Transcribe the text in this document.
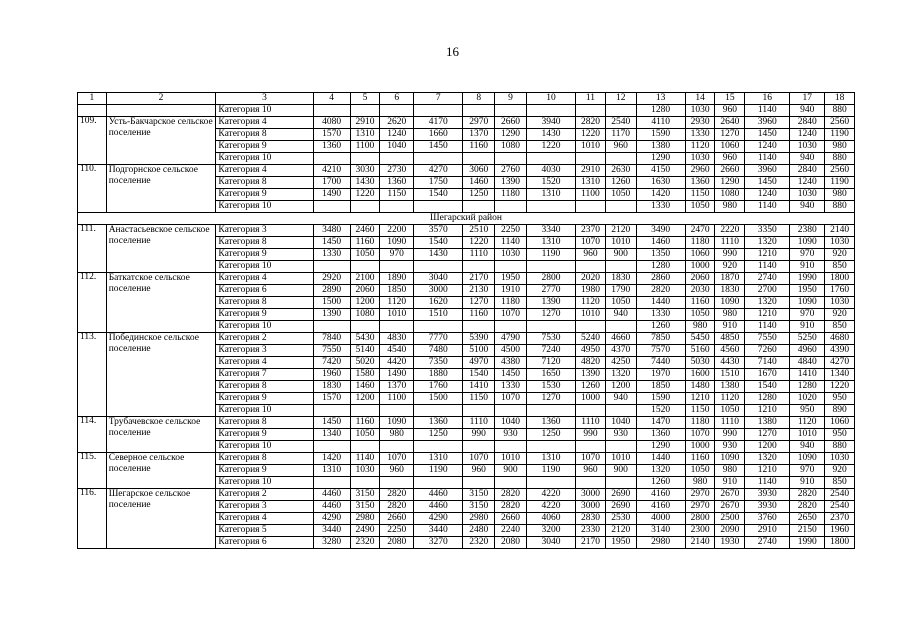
16
1	2	3	4	5	6	7	8	9	10	11	12	13	14	15	16	17	18
		Категория 10										1280	1030	960	1140	940	880
109.	Усть-Бакчарское сельское поселение	Категория 4	4080	2910	2620	4170	2970	2660	3940	2820	2540	4110	2930	2640	3960	2840	2560
		Категория 8	1570	1310	1240	1660	1370	1290	1430	1220	1170	1590	1330	1270	1450	1240	1190
		Категория 9	1360	1100	1040	1450	1160	1080	1220	1010	960	1380	1120	1060	1240	1030	980
		Категория 10										1290	1030	960	1140	940	880
110.	Подгорнское сельское поселение	Категория 4	4210	3030	2730	4270	3060	2760	4030	2910	2630	4150	2960	2660	3960	2840	2560
		Категория 8	1700	1430	1360	1750	1460	1390	1520	1310	1260	1630	1360	1290	1450	1240	1190
		Категория 9	1490	1220	1150	1540	1250	1180	1310	1100	1050	1420	1150	1080	1240	1030	980
		Категория 10										1330	1050	980	1140	940	880
Шегарский район																	
111.	Анастасьевское сельское поселение	Категория 3	3480	2460	2200	3570	2510	2250	3340	2370	2120	3490	2470	2220	3350	2380	2140
		Категория 8	1450	1160	1090	1540	1220	1140	1310	1070	1010	1460	1180	1110	1320	1090	1030
		Категория 9	1330	1050	970	1430	1110	1030	1190	960	900	1350	1060	990	1210	970	920
		Категория 10										1280	1000	920	1140	910	850
112.	Баткатское сельское поселение	Категория 4	2920	2100	1890	3040	2170	1950	2800	2020	1830	2860	2060	1870	2740	1990	1800
		Категория 6	2890	2060	1850	3000	2130	1910	2770	1980	1790	2820	2030	1830	2700	1950	1760
		Категория 8	1500	1200	1120	1620	1270	1180	1390	1120	1050	1440	1160	1090	1320	1090	1030
		Категория 9	1390	1080	1010	1510	1160	1070	1270	1010	940	1330	1050	980	1210	970	920
		Категория 10										1260	980	910	1140	910	850
113.	Побединское сельское поселение	Категория 2	7840	5430	4830	7770	5390	4790	7530	5240	4660	7850	5450	4850	7550	5250	4680
		Категория 3	7550	5140	4540	7480	5100	4500	7240	4950	4370	7570	5160	4560	7260	4960	4390
		Категория 4	7420	5020	4420	7350	4970	4380	7120	4820	4250	7440	5030	4430	7140	4840	4270
		Категория 7	1960	1580	1490	1880	1540	1450	1650	1390	1320	1970	1600	1510	1670	1410	1340
		Категория 8	1830	1460	1370	1760	1410	1330	1530	1260	1200	1850	1480	1380	1540	1280	1220
		Категория 9	1570	1200	1100	1500	1150	1070	1270	1000	940	1590	1210	1120	1280	1020	950
		Категория 10										1520	1150	1050	1210	950	890
114.	Трубачевское сельское поселение	Категория 8	1450	1160	1090	1360	1110	1040	1360	1110	1040	1470	1180	1110	1380	1120	1060
		Категория 9	1340	1050	980	1250	990	930	1250	990	930	1360	1070	990	1270	1010	950
		Категория 10										1290	1000	930	1200	940	880
115.	Северное сельское поселение	Категория 8	1420	1140	1070	1310	1070	1010	1310	1070	1010	1440	1160	1090	1320	1090	1030
		Категория 9	1310	1030	960	1190	960	900	1190	960	900	1320	1050	980	1210	970	920
		Категория 10										1260	980	910	1140	910	850
116.	Шегарское сельское поселение	Категория 2	4460	3150	2820	4460	3150	2820	4220	3000	2690	4160	2970	2670	3930	2820	2540
		Категория 3	4460	3150	2820	4460	3150	2820	4220	3000	2690	4160	2970	2670	3930	2820	2540
		Категория 4	4290	2980	2660	4290	2980	2660	4060	2830	2530	4000	2800	2500	3760	2650	2370
		Категория 5	3440	2490	2250	3440	2480	2240	3200	2330	2120	3140	2300	2090	2910	2150	1960
		Категория 6	3280	2320	2080	3270	2320	2080	3040	2170	1950	2980	2140	1930	2740	1990	1800
